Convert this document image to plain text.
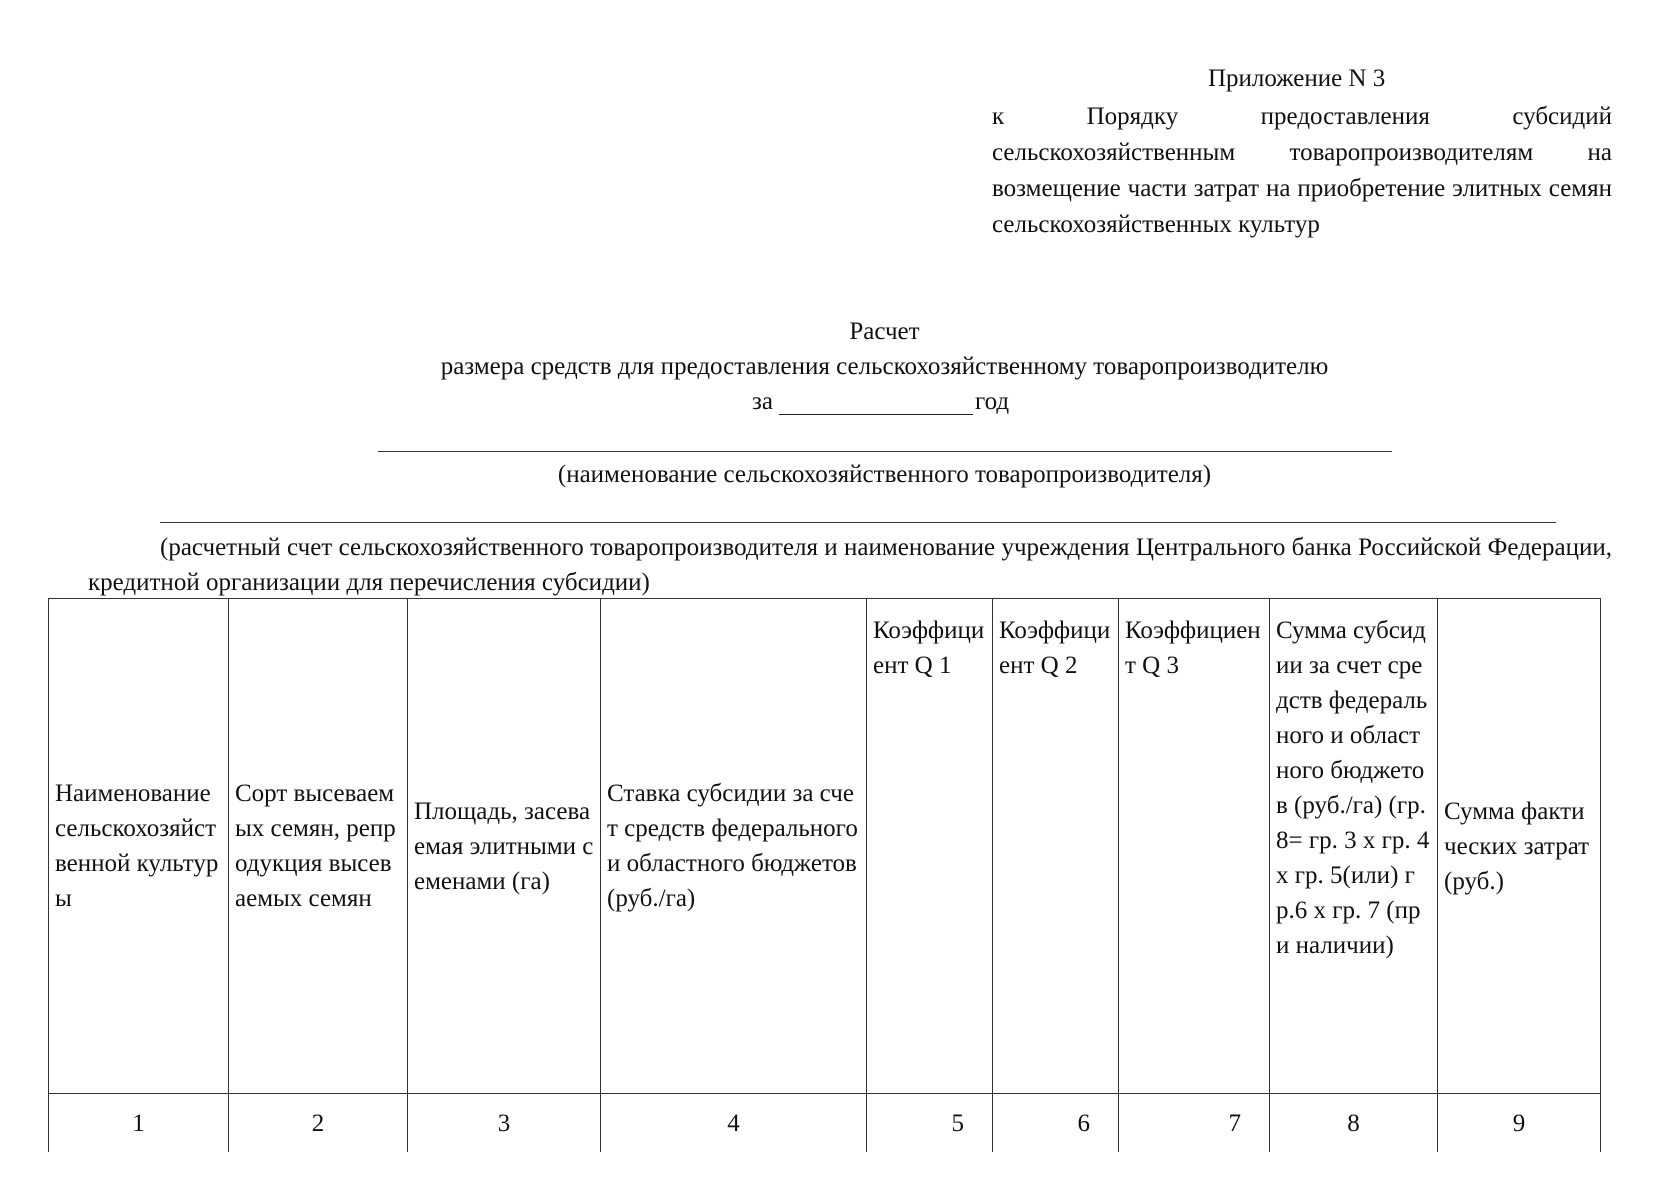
Приложение N 3
к Порядку предоставления субсидий сельскохозяйственным товаропроизводителям на возмещение части затрат на приобретение элитных семян сельскохозяйственных культур
Расчет
размера средств для предоставления сельскохозяйственному товаропроизводителю
за	год
(наименование сельскохозяйственного товаропроизводителя)
(расчетный счет сельскохозяйственного товаропроизводителя и наименование учреждения Центрального банка Российской Федерации, кредитной организации для перечисления субсидии)
Наименование сельскохозяйственной культуры	Сорт высеваемых семян, репродукция высеваемых семян	Площадь, засеваемая элитными семенами (га)	Ставка субсидии за счет средств федерального и областного бюджетов (руб./га)	Коэффициент Q 1	Коэффициент Q 2	Коэффициент Q 3	Сумма субсидии за счет средств федерального и областного бюджетов (руб./га) (гр. 8= гр. 3 x гр. 4 x гр. 5(или) гр.6 x гр. 7 (при наличии)	Сумма фактических затрат (руб.)
1	2	3	4	5	6	7	8	9
